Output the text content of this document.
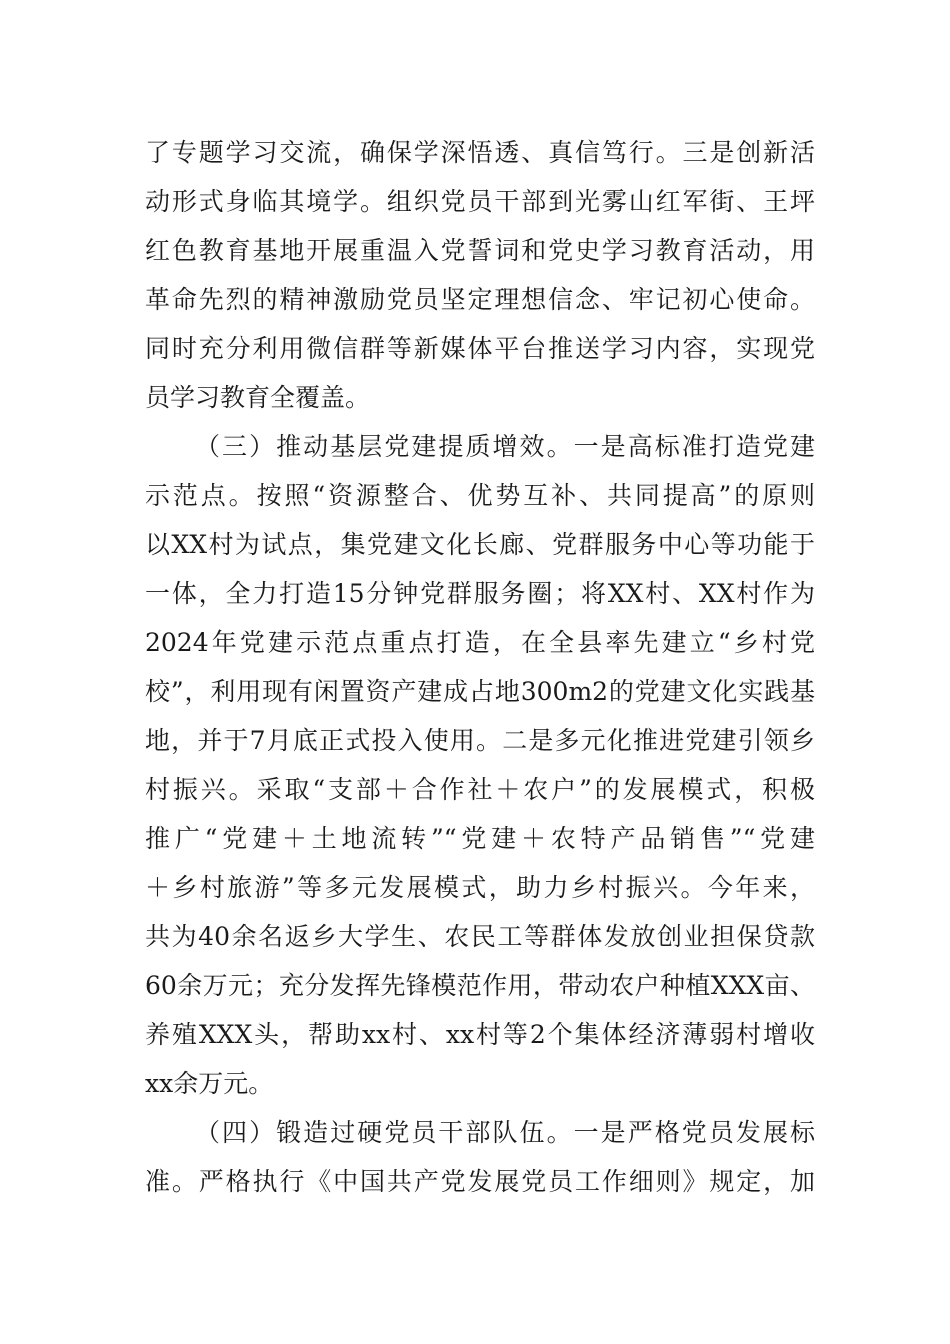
了专题学习交流，确保学深悟透、真信笃行。三是创新活
动形式身临其境学。组织党员干部到光雾山红军街、王坪
红色教育基地开展重温入党誓词和党史学习教育活动，用
革命先烈的精神激励党员坚定理想信念、牢记初心使命。
同时充分利用微信群等新媒体平台推送学习内容，实现党
员学习教育全覆盖。
（三）推动基层党建提质增效。一是高标准打造党建
示范点。按照“资源整合、优势互补、共同提高”的原则
以XX村为试点，集党建文化长廊、党群服务中心等功能于
一体，全力打造15分钟党群服务圈；将XX村、XX村作为
2024年党建示范点重点打造，在全县率先建立“乡村党
校”，利用现有闲置资产建成占地300m2的党建文化实践基
地，并于7月底正式投入使用。二是多元化推进党建引领乡
村振兴。采取“支部＋合作社＋农户”的发展模式，积极
推广“党建＋土地流转”“党建＋农特产品销售”“党建
＋乡村旅游”等多元发展模式，助力乡村振兴。今年来，
共为40余名返乡大学生、农民工等群体发放创业担保贷款
60余万元；充分发挥先锋模范作用，带动农户种植XXX亩、
养殖XXX头，帮助xx村、xx村等2个集体经济薄弱村增收
xx余万元。
（四）锻造过硬党员干部队伍。一是严格党员发展标
准。严格执行《中国共产党发展党员工作细则》规定，加
